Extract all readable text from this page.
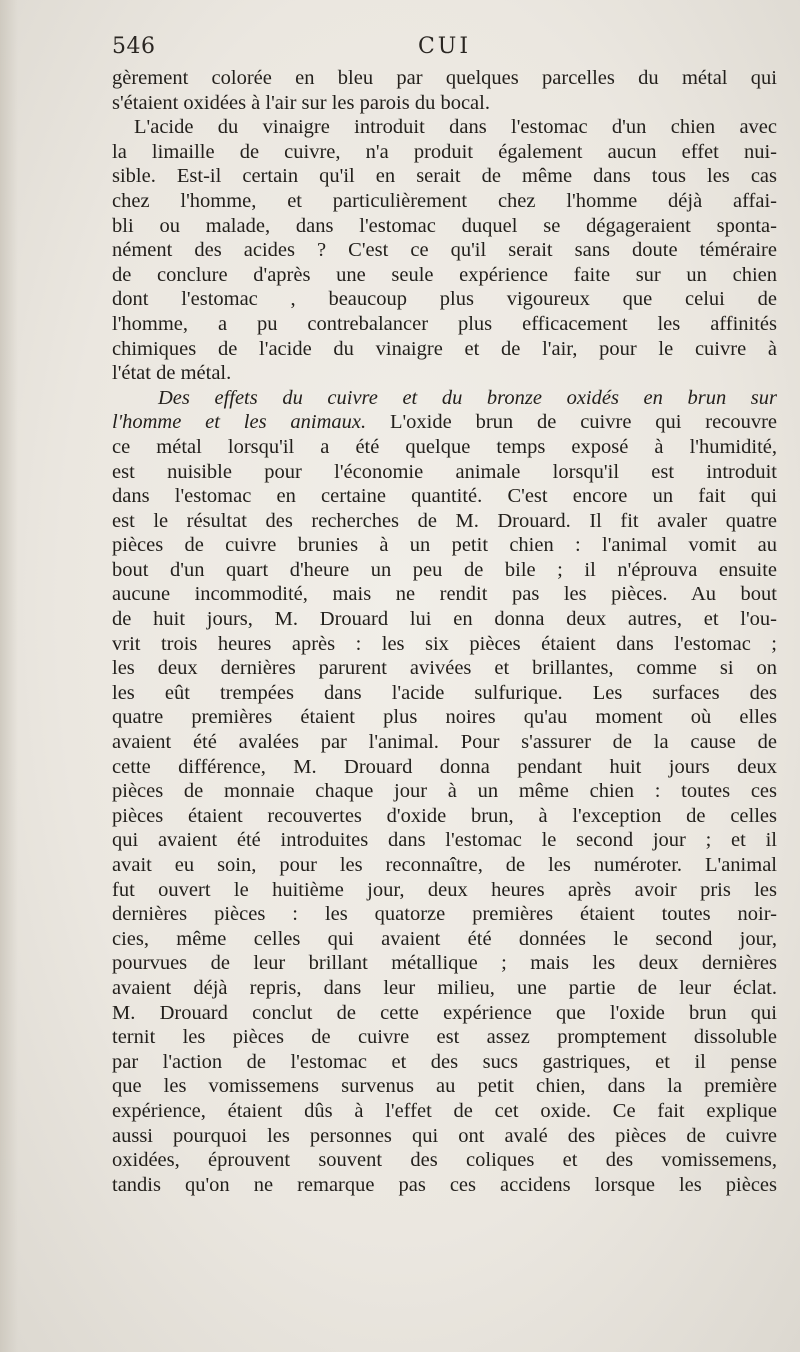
546	CUI

gèrement colorée en bleu par quelques parcelles du métal qui

s'étaient oxidées à l'air sur les parois du bocal.

L'acide du vinaigre introduit dans l'estomac d'un chien avec

la limaille de cuivre, n'a produit également aucun effet nui-

sible. Est-il certain qu'il en serait de même dans tous les cas

chez l'homme, et particulièrement chez l'homme déjà affai-

bli ou malade, dans l'estomac duquel se dégageraient sponta-

nément des acides ? C'est ce qu'il serait sans doute téméraire

de conclure d'après une seule expérience faite sur un chien

dont l'estomac , beaucoup plus vigoureux que celui de

l'homme, a pu contrebalancer plus efficacement les affinités

chimiques de l'acide du vinaigre et de l'air, pour le cuivre à

l'état de métal.

Des effets du cuivre et du bronze oxidés en brun sur

l'homme et les animaux. L'oxide brun de cuivre qui recouvre

ce métal lorsqu'il a été quelque temps exposé à l'humidité,

est nuisible pour l'économie animale lorsqu'il est introduit

dans l'estomac en certaine quantité. C'est encore un fait qui

est le résultat des recherches de M. Drouard. Il fit avaler quatre

pièces de cuivre brunies à un petit chien : l'animal vomit au

bout d'un quart d'heure un peu de bile ; il n'éprouva ensuite

aucune incommodité, mais ne rendit pas les pièces. Au bout

de huit jours, M. Drouard lui en donna deux autres, et l'ou-

vrit trois heures après : les six pièces étaient dans l'estomac ;

les deux dernières parurent avivées et brillantes, comme si on

les eût trempées dans l'acide sulfurique. Les surfaces des

quatre premières étaient plus noires qu'au moment où elles

avaient été avalées par l'animal. Pour s'assurer de la cause de

cette différence, M. Drouard donna pendant huit jours deux

pièces de monnaie chaque jour à un même chien : toutes ces

pièces étaient recouvertes d'oxide brun, à l'exception de celles

qui avaient été introduites dans l'estomac le second jour ; et il

avait eu soin, pour les reconnaître, de les numéroter. L'animal

fut ouvert le huitième jour, deux heures après avoir pris les

dernières pièces : les quatorze premières étaient toutes noir-

cies, même celles qui avaient été données le second jour,

pourvues de leur brillant métallique ; mais les deux dernières

avaient déjà repris, dans leur milieu, une partie de leur éclat.

M. Drouard conclut de cette expérience que l'oxide brun qui

ternit les pièces de cuivre est assez promptement dissoluble

par l'action de l'estomac et des sucs gastriques, et il pense

que les vomissemens survenus au petit chien, dans la première

expérience, étaient dûs à l'effet de cet oxide. Ce fait explique

aussi pourquoi les personnes qui ont avalé des pièces de cuivre

oxidées, éprouvent souvent des coliques et des vomissemens,

tandis qu'on ne remarque pas ces accidens lorsque les pièces
